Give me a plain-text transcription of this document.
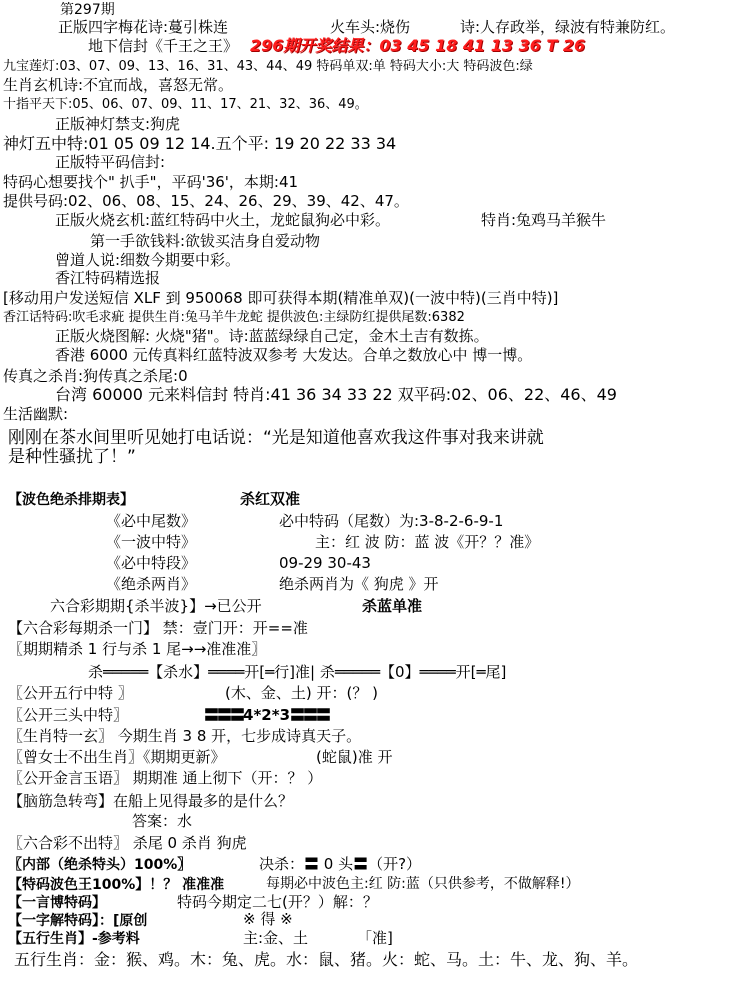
第297期
正版四字梅花诗:蔓引株连	火车头:烧伤	诗:人存政举，绿波有特兼防红。
地下信封《千王之王》 296期开奖结果：03 45 18 41 13 36 T 26
九宝莲灯:03、07、09、13、16、31、43、44、49 特码单双:单 特码大小:大 特码波色:绿
生肖玄机诗:不宜而战，喜怒无常。
十指平天下:05、06、07、09、11、17、21、32、36、49。
正版神灯禁支:狗虎
神灯五中特:01 05 09 12 14.五个平: 19 20 22 33 34
正版特平码信封:
特码心想要找个" 扒手"，平码'36'，本期:41
提供号码:02、06、08、15、24、26、29、39、42、47。
正版火烧玄机:蓝红特码中火土，龙蛇鼠狗必中彩。	特肖:兔鸡马羊猴牛
第一手欲钱料:欲钹买洁身自爱动物
曾道人说:细数今期要中彩。
香江特码精选报
[移动用户发送短信 XLF 到 950068 即可获得本期(精准单双)(一波中特)(三肖中特)]
香江话特码:吹毛求疵 提供生肖:兔马羊牛龙蛇 提供波色:主绿防红提供尾数:6382
正版火烧图解: 火烧"猪"。诗:蓝蓝绿绿自己定，金木土吉有数拣。
香港 6000 元传真料红蓝特波双参考 大发达。合单之数放心中 博一博。
传真之杀肖:狗传真之杀尾:0
台湾 60000 元来料信封 特肖:41 36 34 33 22 双平码:02、06、22、46、49
生活幽默:
刚刚在茶水间里听见她打电话说：“光是知道他喜欢我这件事对我来讲就
是种性骚扰了！”
【波色绝杀排期表】	杀红双准
《必中尾数》	必中特码（尾数）为:3-8-2-6-9-1
《一波中特》	主：红 波 防：蓝 波《开？？准》
《必中特段》	09-29 30-43
《绝杀两肖》	绝杀两肖为《 狗虎 》开
六合彩期期{杀半波}】→已公开	杀蓝单准
【六合彩每期杀一门】 禁：壹门开：开==准
〖期期精杀 1 行与杀 1 尾→→准准准〗
杀═════【杀水】════开[═行]准| 杀═════【0】════开[═尾]
〖公开五行中特 〗	(木、金、土) 开：(？ )
〖公开三头中特〗	〓〓〓4*2*3〓〓〓
〖生肖特一玄〗 今期生肖 3 8 开，七步成诗真天子。
〖曾女士不出生肖〗《期期更新》	(蛇鼠)准 开
〖公开金言玉语〗 期期准 通上彻下（开：？ ）
【脑筋急转弯】在船上见得最多的是什么？
答案：水
〖六合彩不出特〗 杀尾 0 杀肖 狗虎
〖内部（绝杀特头）100%〗	决杀：〓 0 头〓（开?）
【特码波色王100%】！？ 准准准	每期必中波色主:红 防:蓝（只供参考，不做解释!）
【一言博特码】	特码今期定二七(开？）解：？
【一字解特码】：[原创	※ 得 ※
【五行生肖】-参考料	主:金、土	「准]
五行生肖：金：猴、鸡。木：兔、虎。水：鼠、猪。火：蛇、马。土：牛、龙、狗、羊。
